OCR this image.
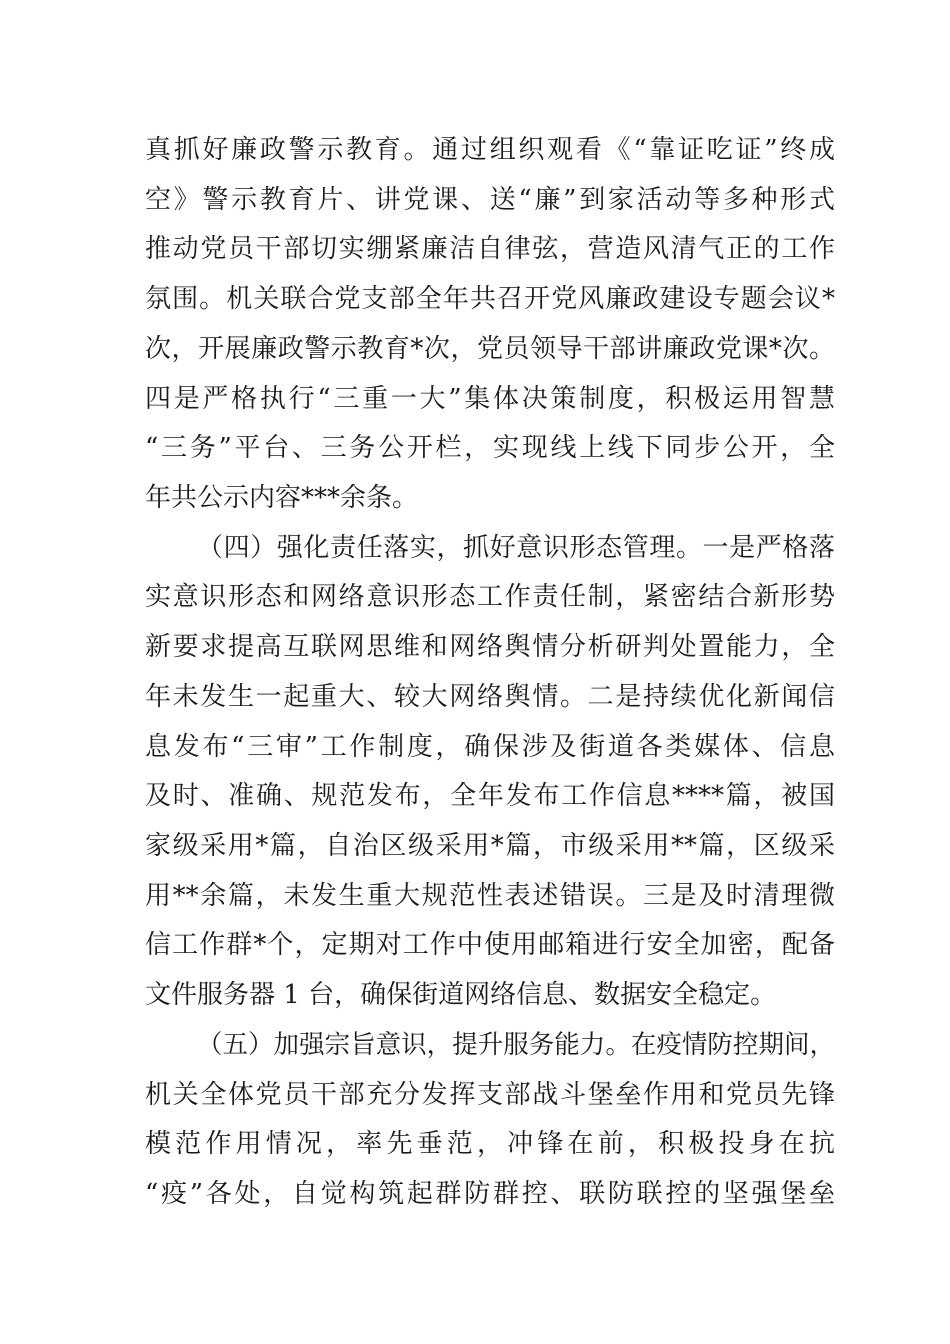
真抓好廉政警示教育。通过组织观看《“靠证吃证”终成
空》警示教育片、讲党课、送“廉”到家活动等多种形式
推动党员干部切实绷紧廉洁自律弦，营造风清气正的工作
氛围。机关联合党支部全年共召开党风廉政建设专题会议*
次，开展廉政警示教育*次，党员领导干部讲廉政党课*次。
四是严格执行“三重一大”集体决策制度，积极运用智慧
“三务”平台、三务公开栏，实现线上线下同步公开，全
年共公示内容***余条。
（四）强化责任落实，抓好意识形态管理。一是严格落
实意识形态和网络意识形态工作责任制，紧密结合新形势
新要求提高互联网思维和网络舆情分析研判处置能力，全
年未发生一起重大、较大网络舆情。二是持续优化新闻信
息发布“三审”工作制度，确保涉及街道各类媒体、信息
及时、准确、规范发布，全年发布工作信息****篇，被国
家级采用*篇，自治区级采用*篇，市级采用**篇，区级采
用**余篇，未发生重大规范性表述错误。三是及时清理微
信工作群*个，定期对工作中使用邮箱进行安全加密，配备
文件服务器 1 台，确保街道网络信息、数据安全稳定。
（五）加强宗旨意识，提升服务能力。在疫情防控期间，
机关全体党员干部充分发挥支部战斗堡垒作用和党员先锋
模范作用情况，率先垂范，冲锋在前，积极投身在抗
“疫”各处，自觉构筑起群防群控、联防联控的坚强堡垒
